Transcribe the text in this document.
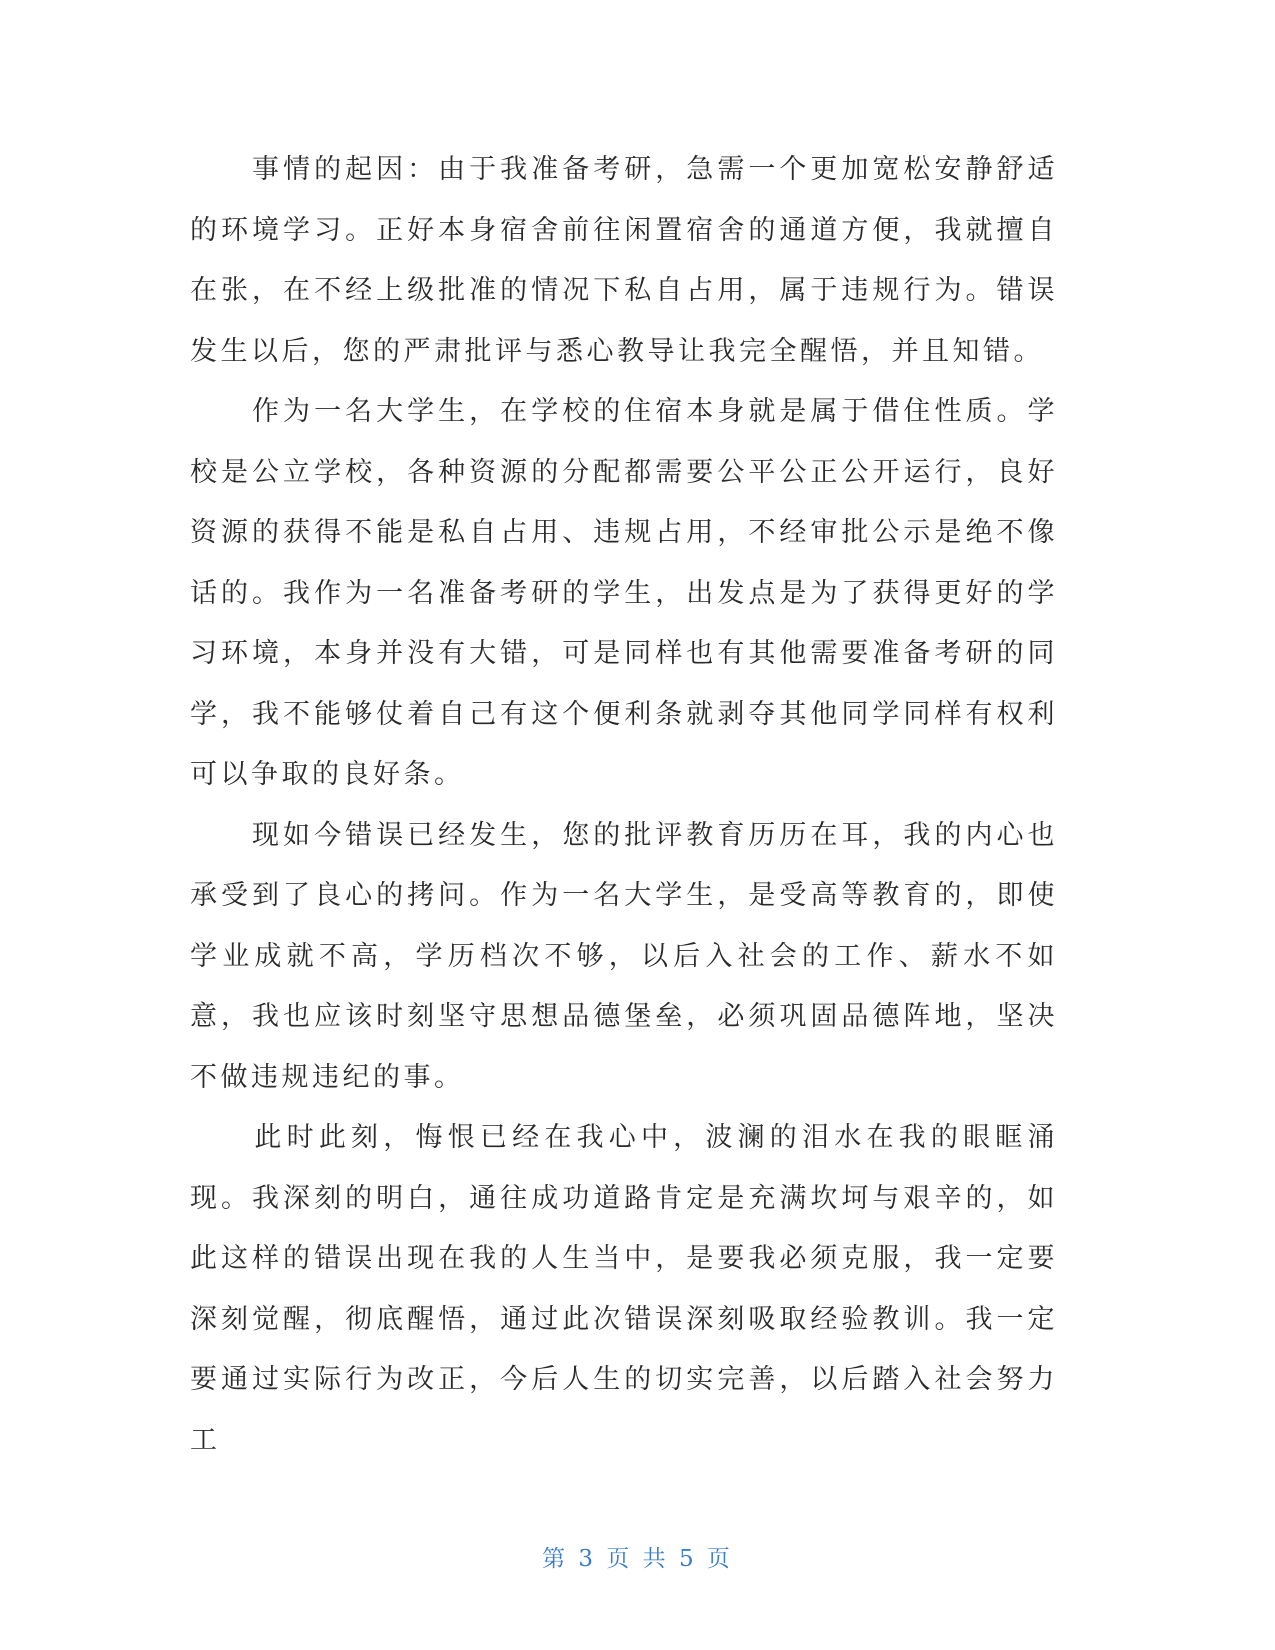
　　事情的起因：由于我准备考研，急需一个更加宽松安静舒适的环境学习。正好本身宿舍前往闲置宿舍的通道方便，我就擅自在张，在不经上级批准的情况下私自占用，属于违规行为。错误发生以后，您的严肃批评与悉心教导让我完全醒悟，并且知错。

　　作为一名大学生，在学校的住宿本身就是属于借住性质。学校是公立学校，各种资源的分配都需要公平公正公开运行，良好资源的获得不能是私自占用、违规占用，不经审批公示是绝不像话的。我作为一名准备考研的学生，出发点是为了获得更好的学习环境，本身并没有大错，可是同样也有其他需要准备考研的同学，我不能够仗着自己有这个便利条就剥夺其他同学同样有权利可以争取的良好条。

　　现如今错误已经发生，您的批评教育历历在耳，我的内心也承受到了良心的拷问。作为一名大学生，是受高等教育的，即使学业成就不高，学历档次不够，以后入社会的工作、薪水不如意，我也应该时刻坚守思想品德堡垒，必须巩固品德阵地，坚决不做违规违纪的事。

　　此时此刻，悔恨已经在我心中，波澜的泪水在我的眼眶涌现。我深刻的明白，通往成功道路肯定是充满坎坷与艰辛的，如此这样的错误出现在我的人生当中，是要我必须克服，我一定要深刻觉醒，彻底醒悟，通过此次错误深刻吸取经验教训。我一定要通过实际行为改正，今后人生的切实完善，以后踏入社会努力工

第 3 页 共 5 页
